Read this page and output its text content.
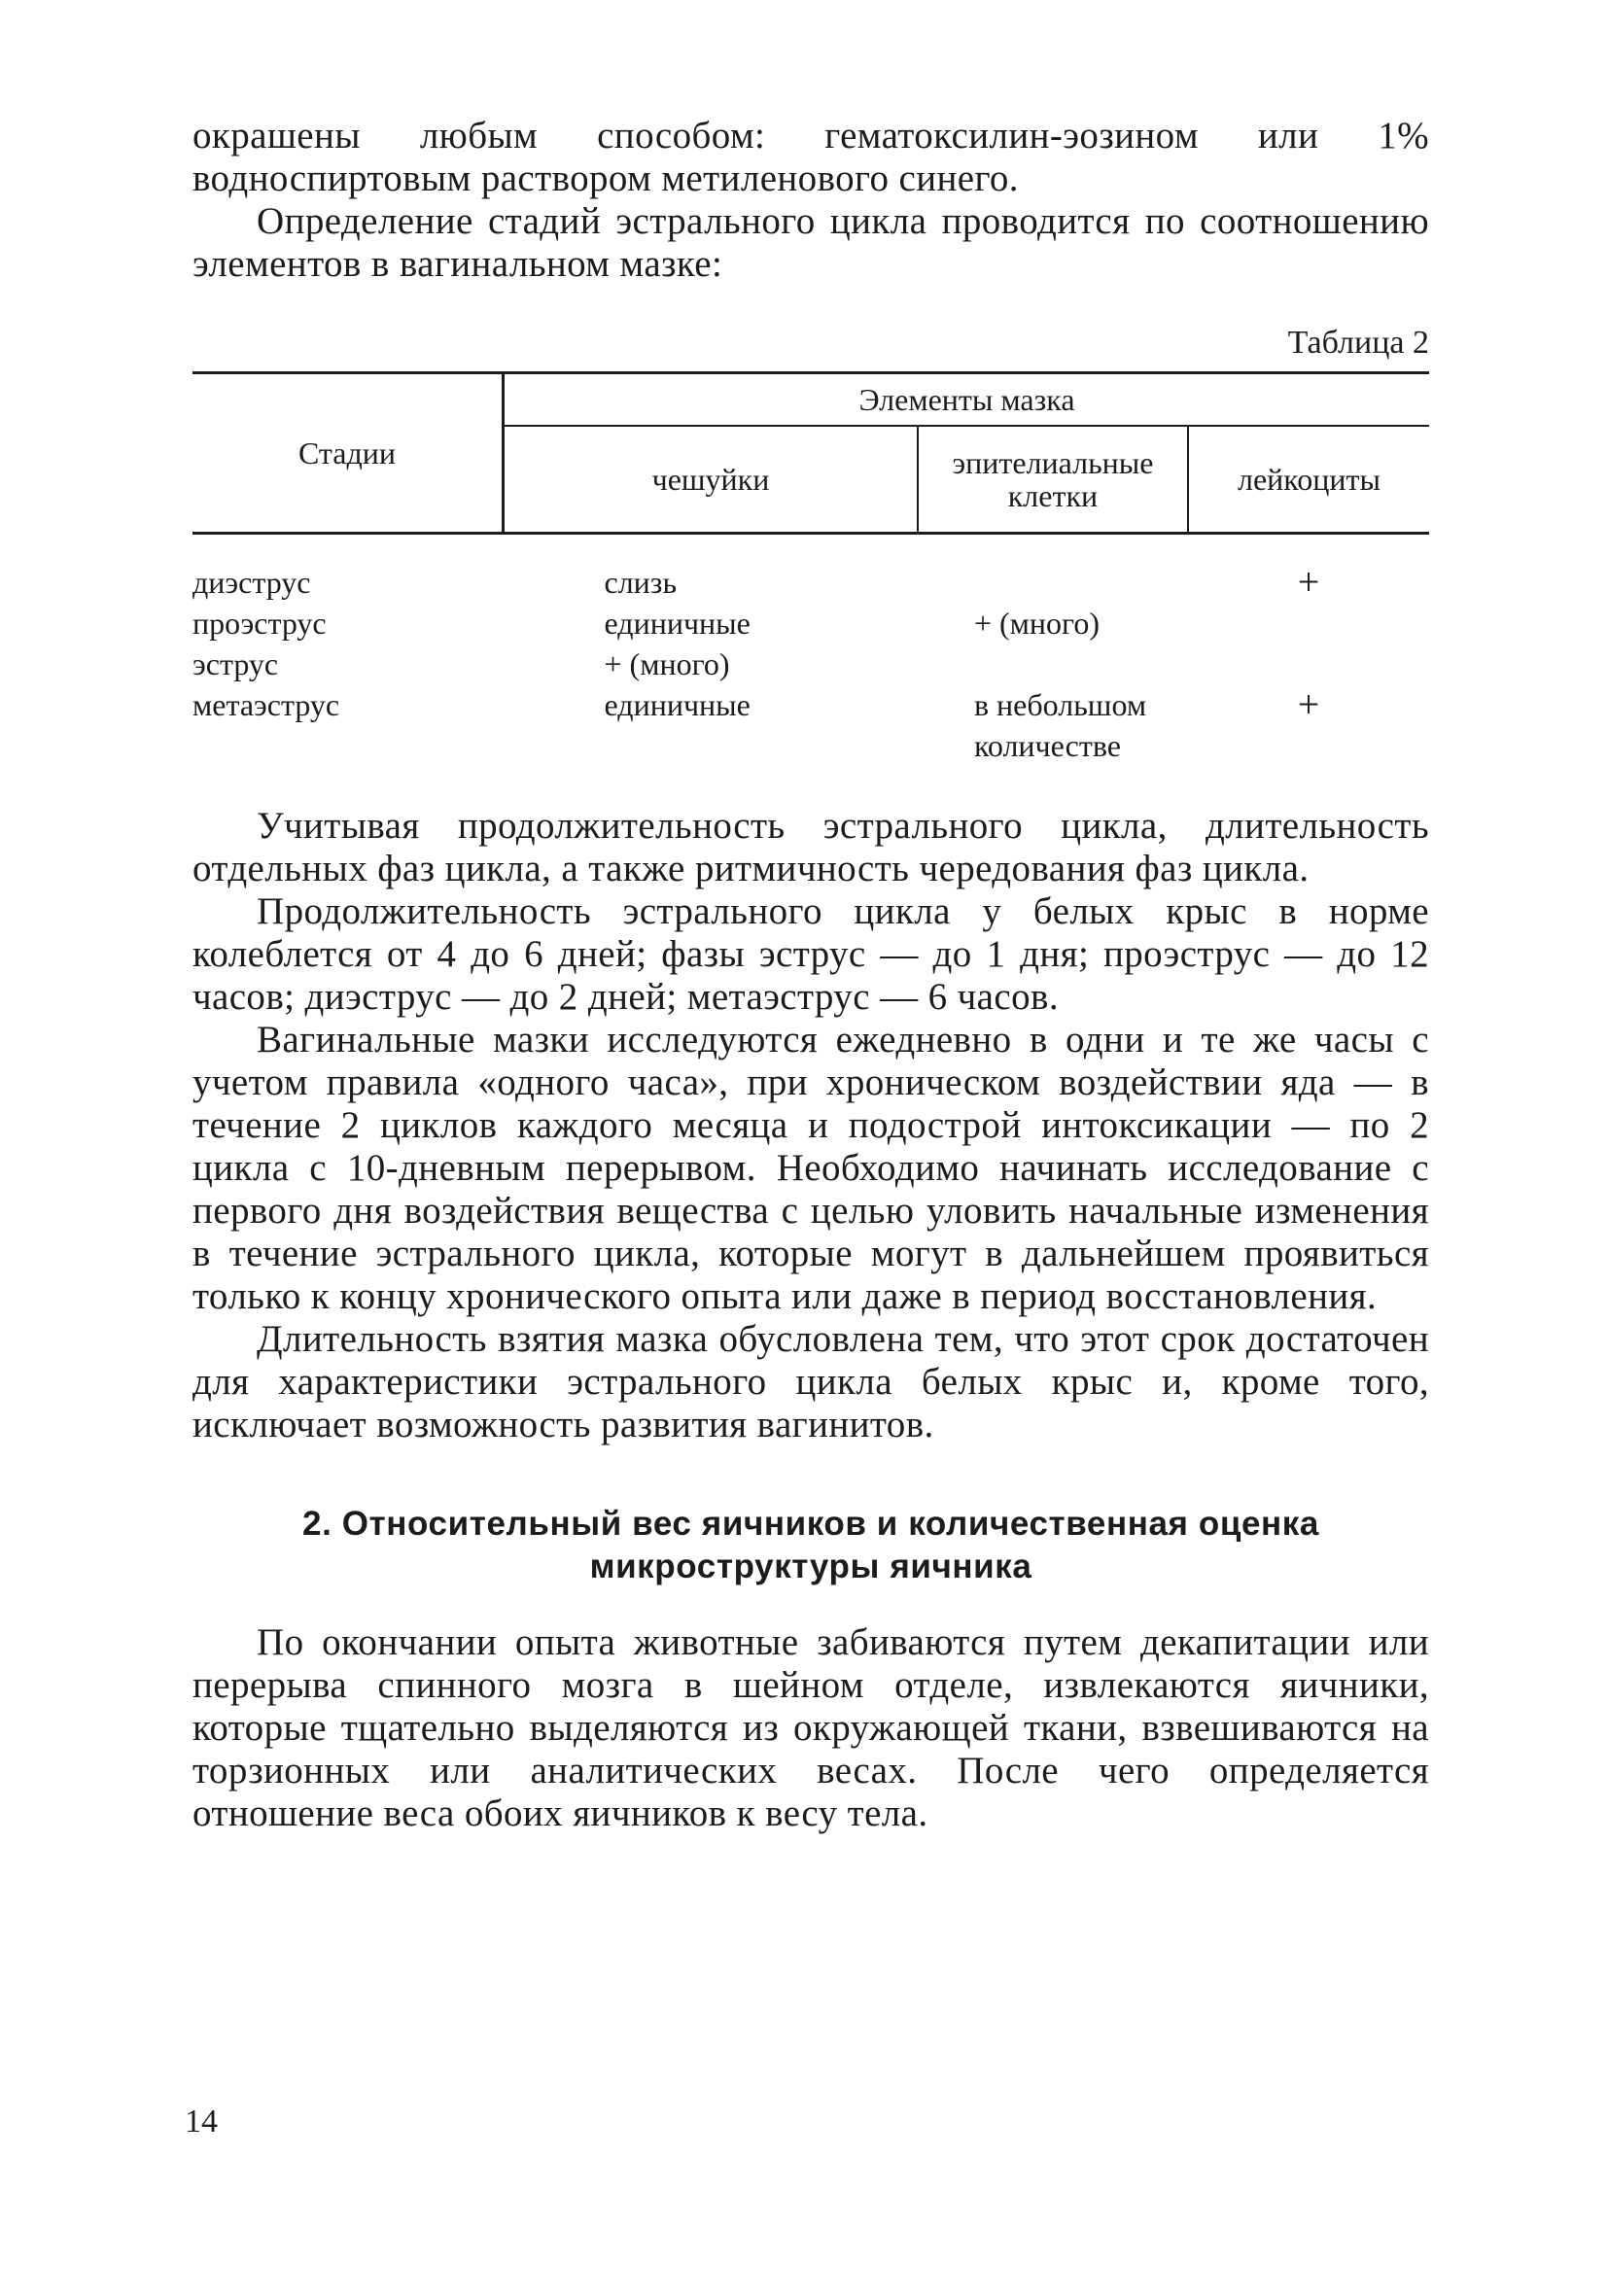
окрашены любым способом: гематоксилин-эозином или 1% водноспиртовым раствором метиленового синего.

Определение стадий эстрального цикла проводится по соотношению элементов в вагинальном мазке:

Таблица 2
Стадии	Элементы мазка		
	чешуйки	эпителиальные клетки	лейкоциты
диэструс	слизь		+
проэструс	единичные	+ (много)	
эструс	+ (много)		
метаэструс	единичные	в небольшом количестве	+

Учитывая продолжительность эстрального цикла, длительность отдельных фаз цикла, а также ритмичность чередования фаз цикла.

Продолжительность эстрального цикла у белых крыс в норме колеблется от 4 до 6 дней; фазы эструс — до 1 дня; проэструс — до 12 часов; диэструс — до 2 дней; метаэструс — 6 часов.

Вагинальные мазки исследуются ежедневно в одни и те же часы с учетом правила «одного часа», при хроническом воздействии яда — в течение 2 циклов каждого месяца и подострой интоксикации — по 2 цикла с 10-дневным перерывом. Необходимо начинать исследование с первого дня воздействия вещества с целью уловить начальные изменения в течение эстрального цикла, которые могут в дальнейшем проявиться только к концу хронического опыта или даже в период восстановления.

Длительность взятия мазка обусловлена тем, что этот срок достаточен для характеристики эстрального цикла белых крыс и, кроме того, исключает возможность развития вагинитов.

2. Относительный вес яичников и количественная оценка
микроструктуры яичника

По окончании опыта животные забиваются путем декапитации или перерыва спинного мозга в шейном отделе, извлекаются яичники, которые тщательно выделяются из окружающей ткани, взвешиваются на торзионных или аналитических весах. После чего определяется отношение веса обоих яичников к весу тела.

14
